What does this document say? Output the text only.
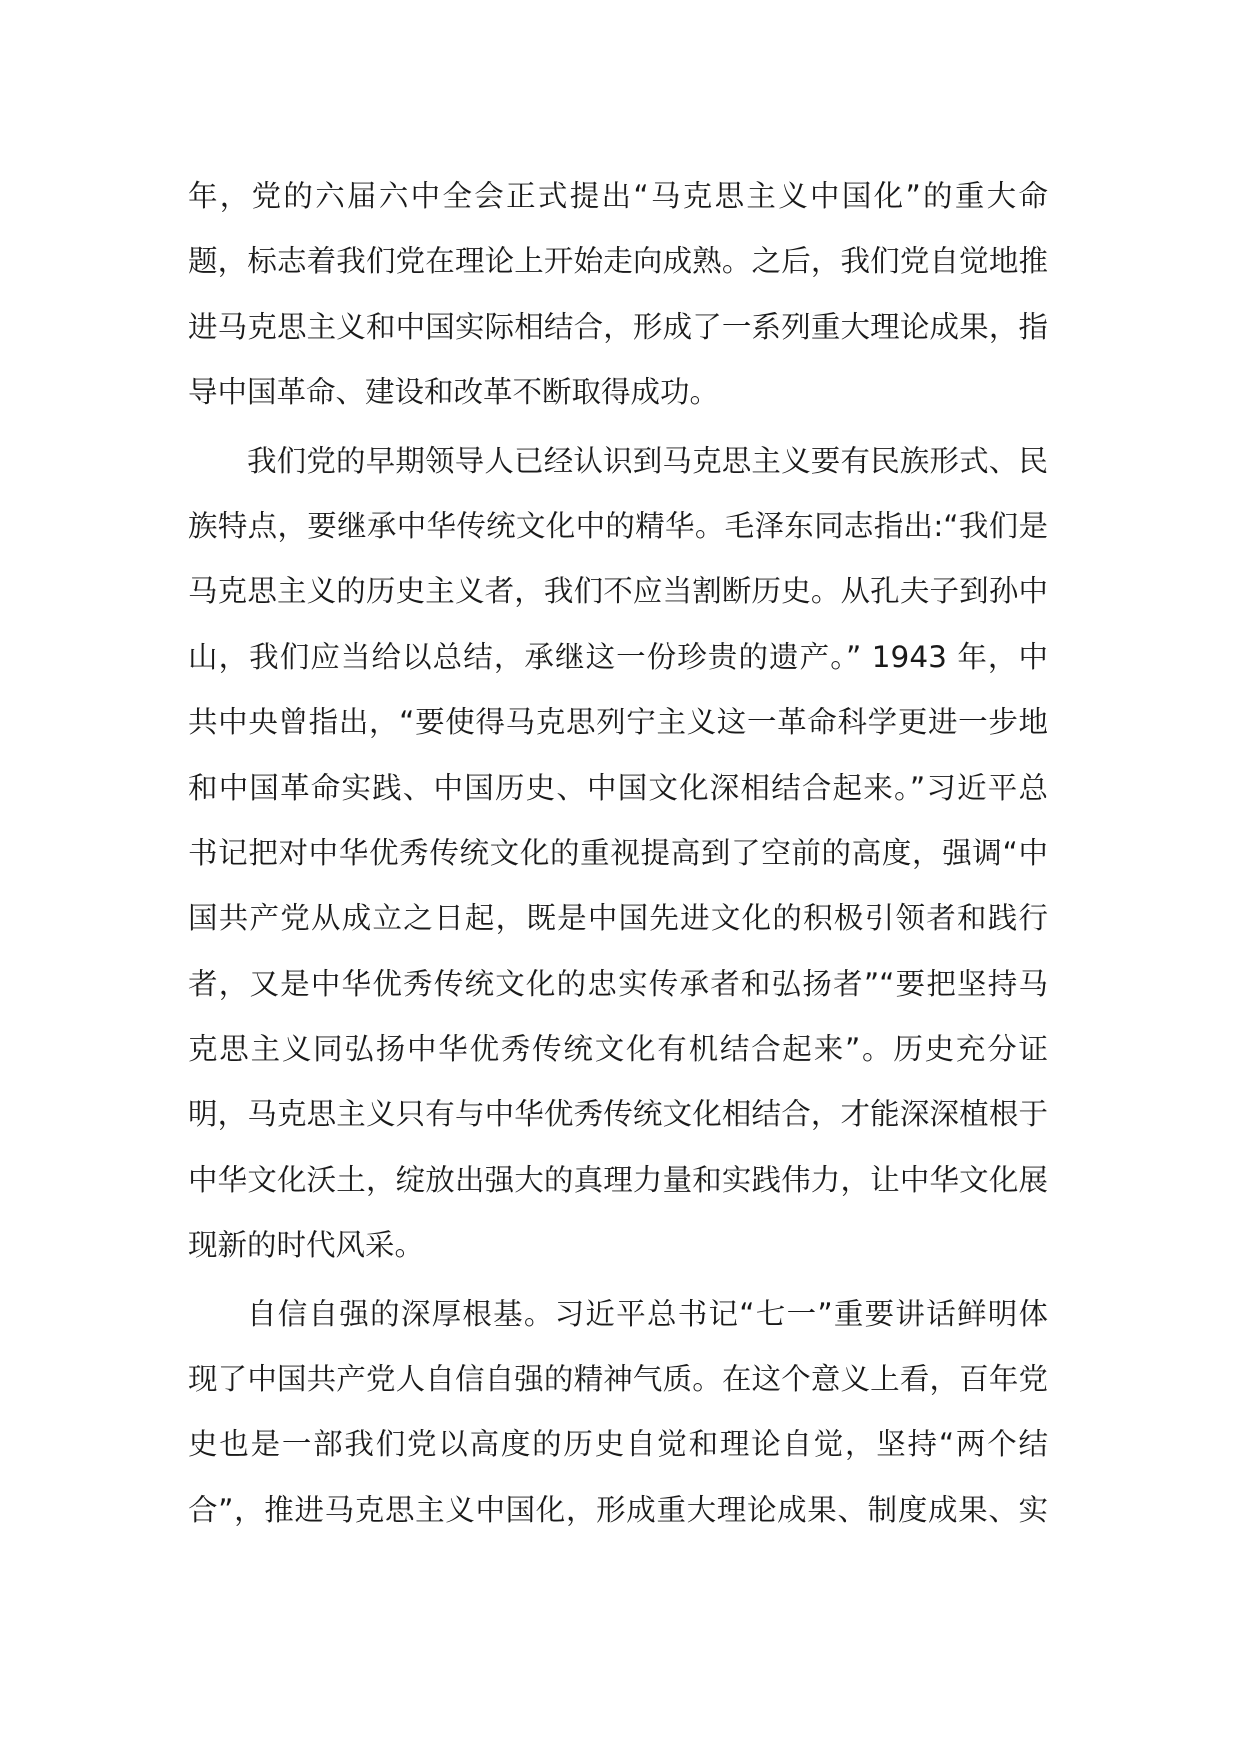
年，党的六届六中全会正式提出“马克思主义中国化”的重大命
题，标志着我们党在理论上开始走向成熟。之后，我们党自觉地推
进马克思主义和中国实际相结合，形成了一系列重大理论成果，指
导中国革命、建设和改革不断取得成功。
我们党的早期领导人已经认识到马克思主义要有民族形式、民
族特点，要继承中华传统文化中的精华。毛泽东同志指出:“我们是
马克思主义的历史主义者，我们不应当割断历史。从孔夫子到孙中
山，我们应当给以总结，承继这一份珍贵的遗产。” 1943 年，中
共中央曾指出，“要使得马克思列宁主义这一革命科学更进一步地
和中国革命实践、中国历史、中国文化深相结合起来。”习近平总
书记把对中华优秀传统文化的重视提高到了空前的高度，强调“中
国共产党从成立之日起，既是中国先进文化的积极引领者和践行
者，又是中华优秀传统文化的忠实传承者和弘扬者”“要把坚持马
克思主义同弘扬中华优秀传统文化有机结合起来”。历史充分证
明，马克思主义只有与中华优秀传统文化相结合，才能深深植根于
中华文化沃土，绽放出强大的真理力量和实践伟力，让中华文化展
现新的时代风采。
自信自强的深厚根基。习近平总书记“七一”重要讲话鲜明体
现了中国共产党人自信自强的精神气质。在这个意义上看，百年党
史也是一部我们党以高度的历史自觉和理论自觉，坚持“两个结
合”，推进马克思主义中国化，形成重大理论成果、制度成果、实
